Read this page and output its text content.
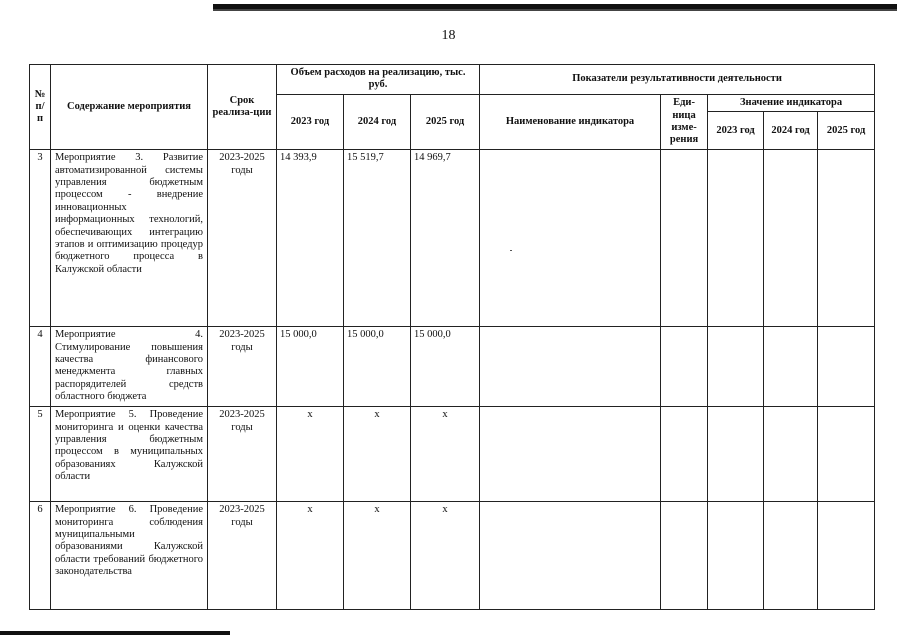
18
№ п/п	Содержание мероприятия	Срок реализа-ции	Объем расходов на реализацию, тыс. руб.			Показатели результативности деятельности				
			2023 год	2024 год	2025 год	Наименование индикатора	Еди-ница изме-рения	Значение индикатора		
								2023 год	2024 год	2025 год
3	Мероприятие 3. Развитие автоматизированной системы управления бюджетным процессом - внедрение инновационных информационных технологий, обеспечивающих интеграцию этапов и оптимизацию процедур бюджетного процесса в Калужской области	2023-2025 годы	14 393,9	15 519,7	14 969,7					
4	Мероприятие 4. Стимулирование повышения качества финансового менеджмента главных распорядителей средств областного бюджета	2023-2025 годы	15 000,0	15 000,0	15 000,0					
5	Мероприятие 5. Проведение мониторинга и оценки качества управления бюджетным процессом в муниципальных образованиях Калужской области	2023-2025 годы	х	х	х					
6	Мероприятие 6. Проведение мониторинга соблюдения муниципальными образованиями Калужской области требований бюджетного законодательства	2023-2025 годы	х	х	х					
